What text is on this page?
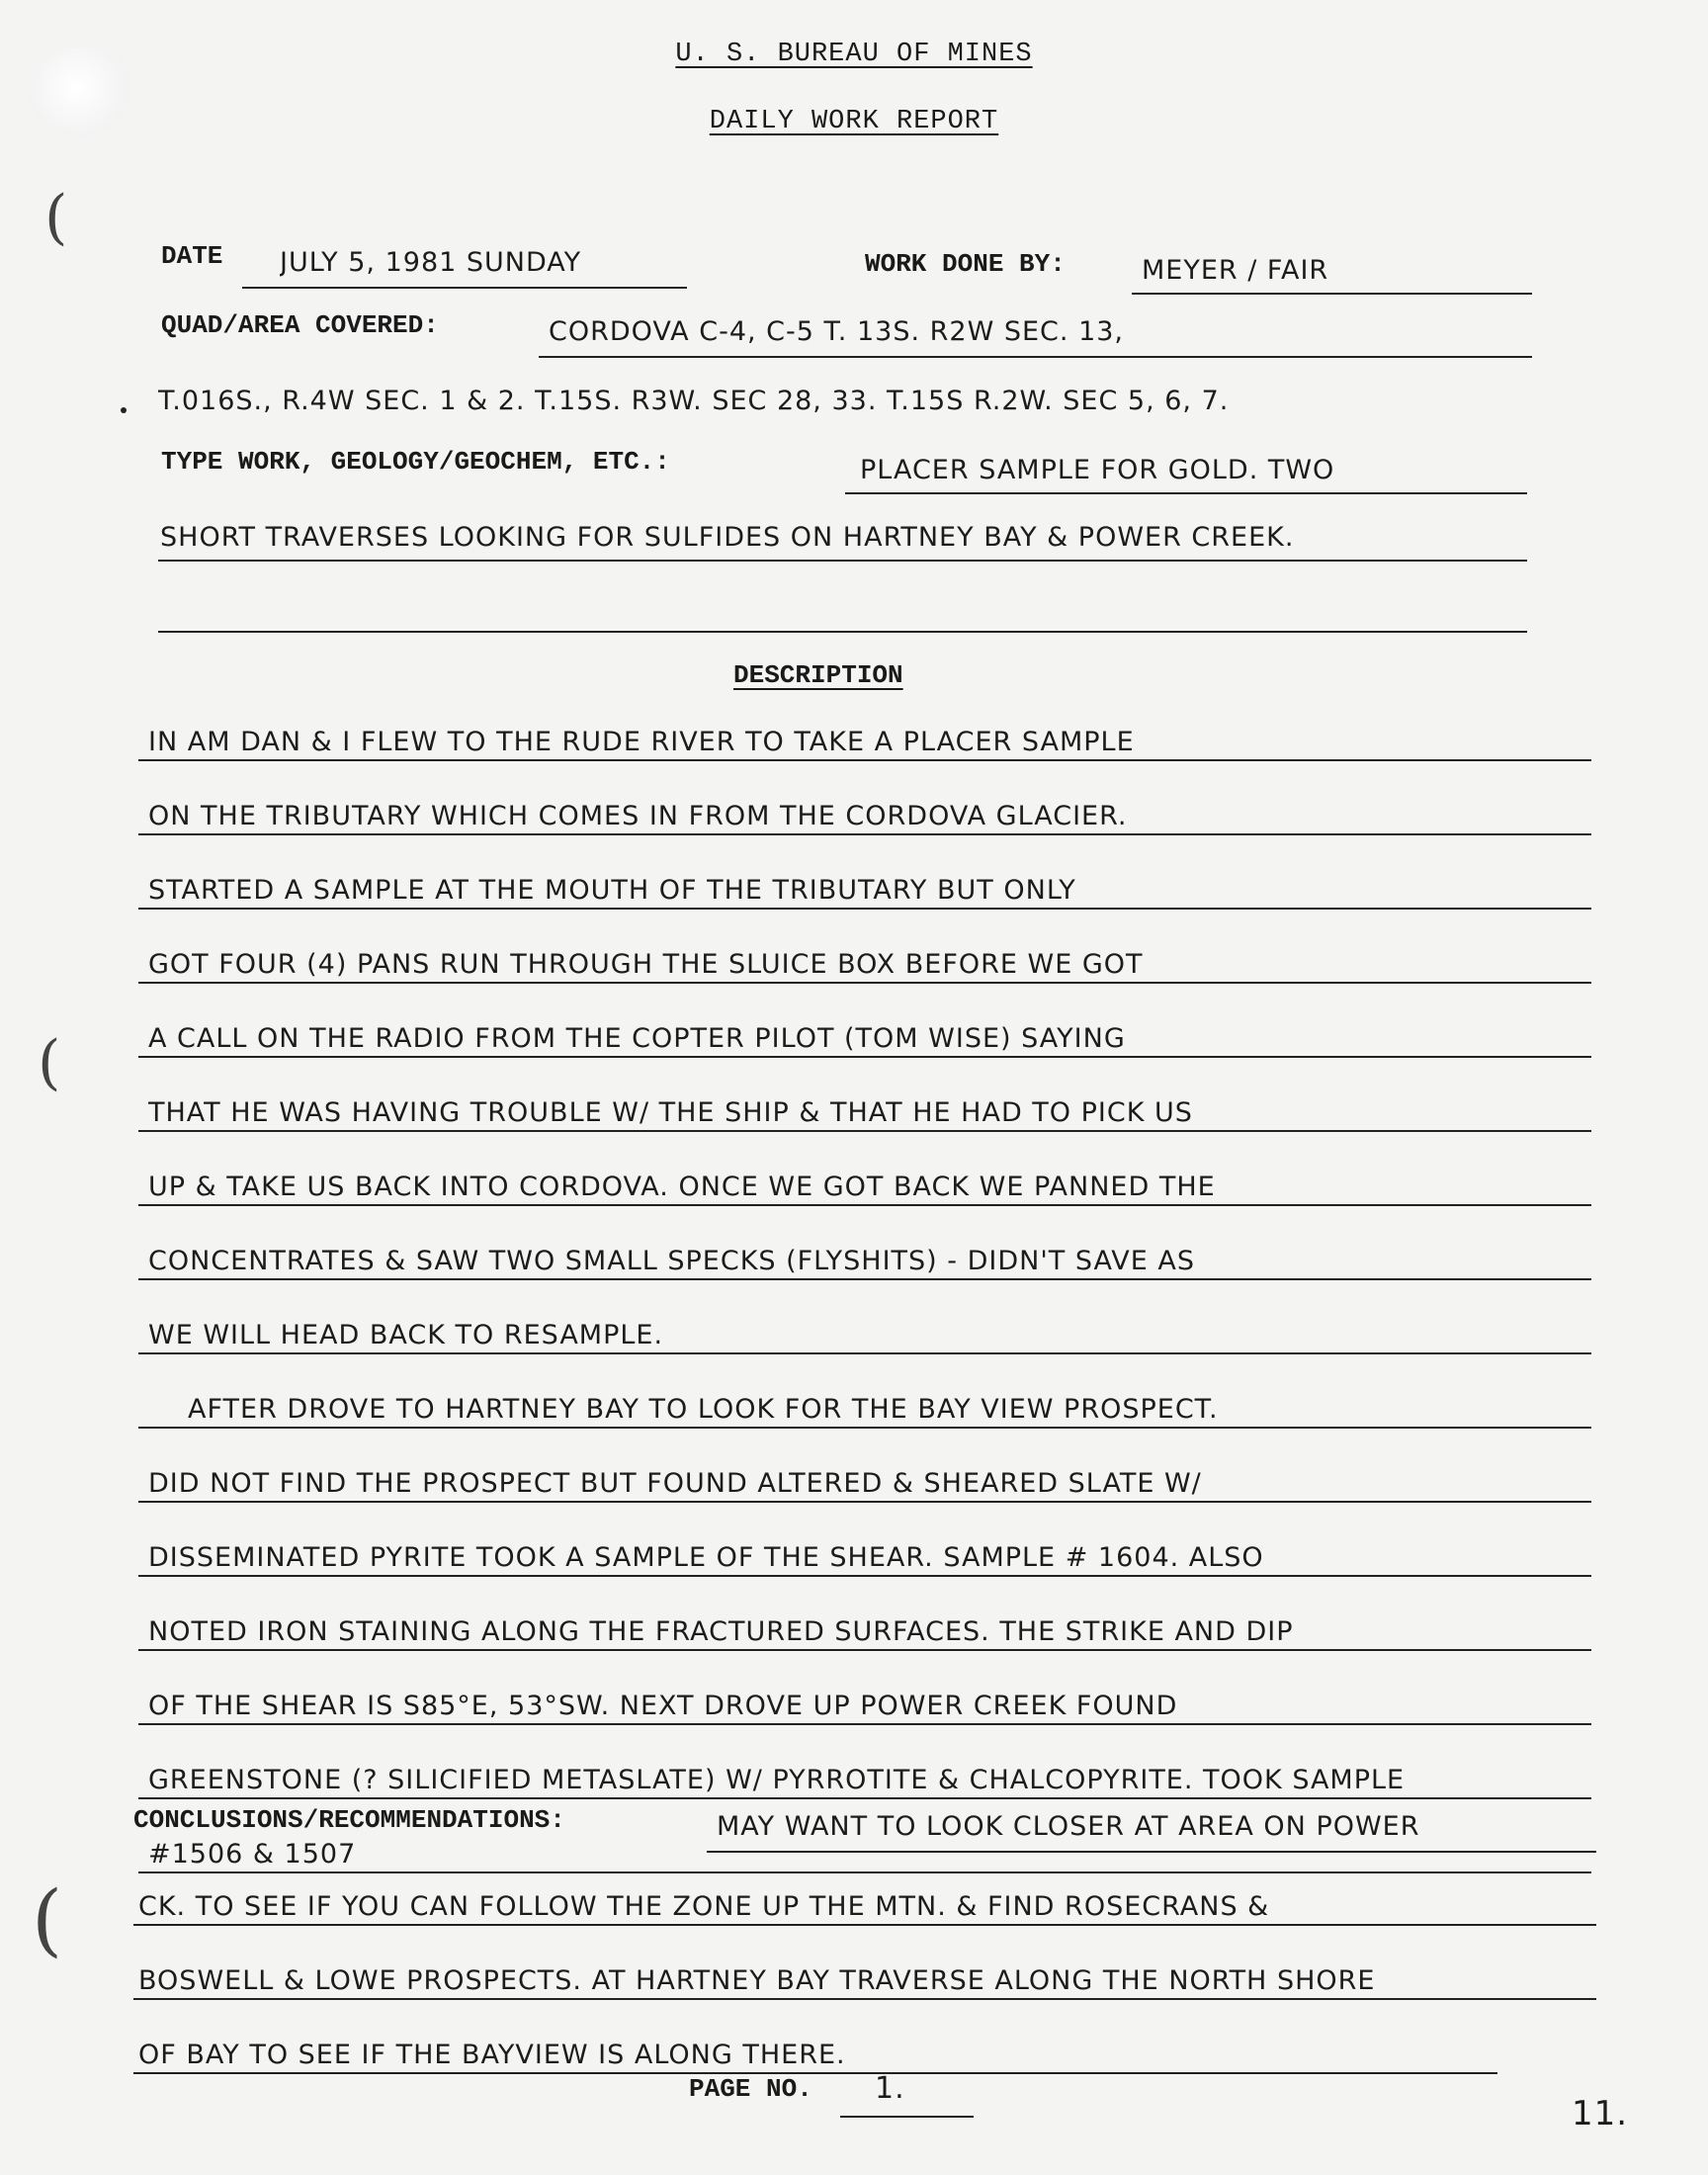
(
(
(
U. S. BUREAU OF MINES
DAILY WORK REPORT
DATE JULY 5, 1981 SUNDAY	WORK DONE BY:	MEYER / FAIR
QUAD/AREA COVERED:	CORDOVA C-4, C-5 T. 13S. R2W SEC. 13,
T.016S., R.4W SEC. 1 & 2. T.15S. R3W. SEC 28, 33. T.15S R.2W. SEC 5, 6, 7.
TYPE WORK, GEOLOGY/GEOCHEM, ETC.:	PLACER SAMPLE FOR GOLD. TWO
SHORT TRAVERSES LOOKING FOR SULFIDES ON HARTNEY BAY & POWER CREEK.
DESCRIPTION
IN AM DAN & I FLEW TO THE RUDE RIVER TO TAKE A PLACER SAMPLE
ON THE TRIBUTARY WHICH COMES IN FROM THE CORDOVA GLACIER.
STARTED A SAMPLE AT THE MOUTH OF THE TRIBUTARY BUT ONLY
GOT FOUR (4) PANS RUN THROUGH THE SLUICE BOX BEFORE WE GOT
A CALL ON THE RADIO FROM THE COPTER PILOT (TOM WISE) SAYING
THAT HE WAS HAVING TROUBLE W/ THE SHIP & THAT HE HAD TO PICK US
UP & TAKE US BACK INTO CORDOVA. ONCE WE GOT BACK WE PANNED THE
CONCENTRATES & SAW TWO SMALL SPECKS (FLYSHITS) - DIDN'T SAVE AS
WE WILL HEAD BACK TO RESAMPLE.
AFTER DROVE TO HARTNEY BAY TO LOOK FOR THE BAY VIEW PROSPECT.
DID NOT FIND THE PROSPECT BUT FOUND ALTERED & SHEARED SLATE W/
DISSEMINATED PYRITE TOOK A SAMPLE OF THE SHEAR. SAMPLE # 1604. ALSO
NOTED IRON STAINING ALONG THE FRACTURED SURFACES. THE STRIKE AND DIP
OF THE SHEAR IS S85°E, 53°SW. NEXT DROVE UP POWER CREEK FOUND
GREENSTONE (? SILICIFIED METASLATE) W/ PYRROTITE & CHALCOPYRITE. TOOK SAMPLE
#1506 & 1507
CONCLUSIONS/RECOMMENDATIONS:	MAY WANT TO LOOK CLOSER AT AREA ON POWER
CK. TO SEE IF YOU CAN FOLLOW THE ZONE UP THE MTN. & FIND ROSECRANS &
BOSWELL & LOWE PROSPECTS. AT HARTNEY BAY TRAVERSE ALONG THE NORTH SHORE
OF BAY TO SEE IF THE BAYVIEW IS ALONG THERE.
PAGE NO. 1.
11.
